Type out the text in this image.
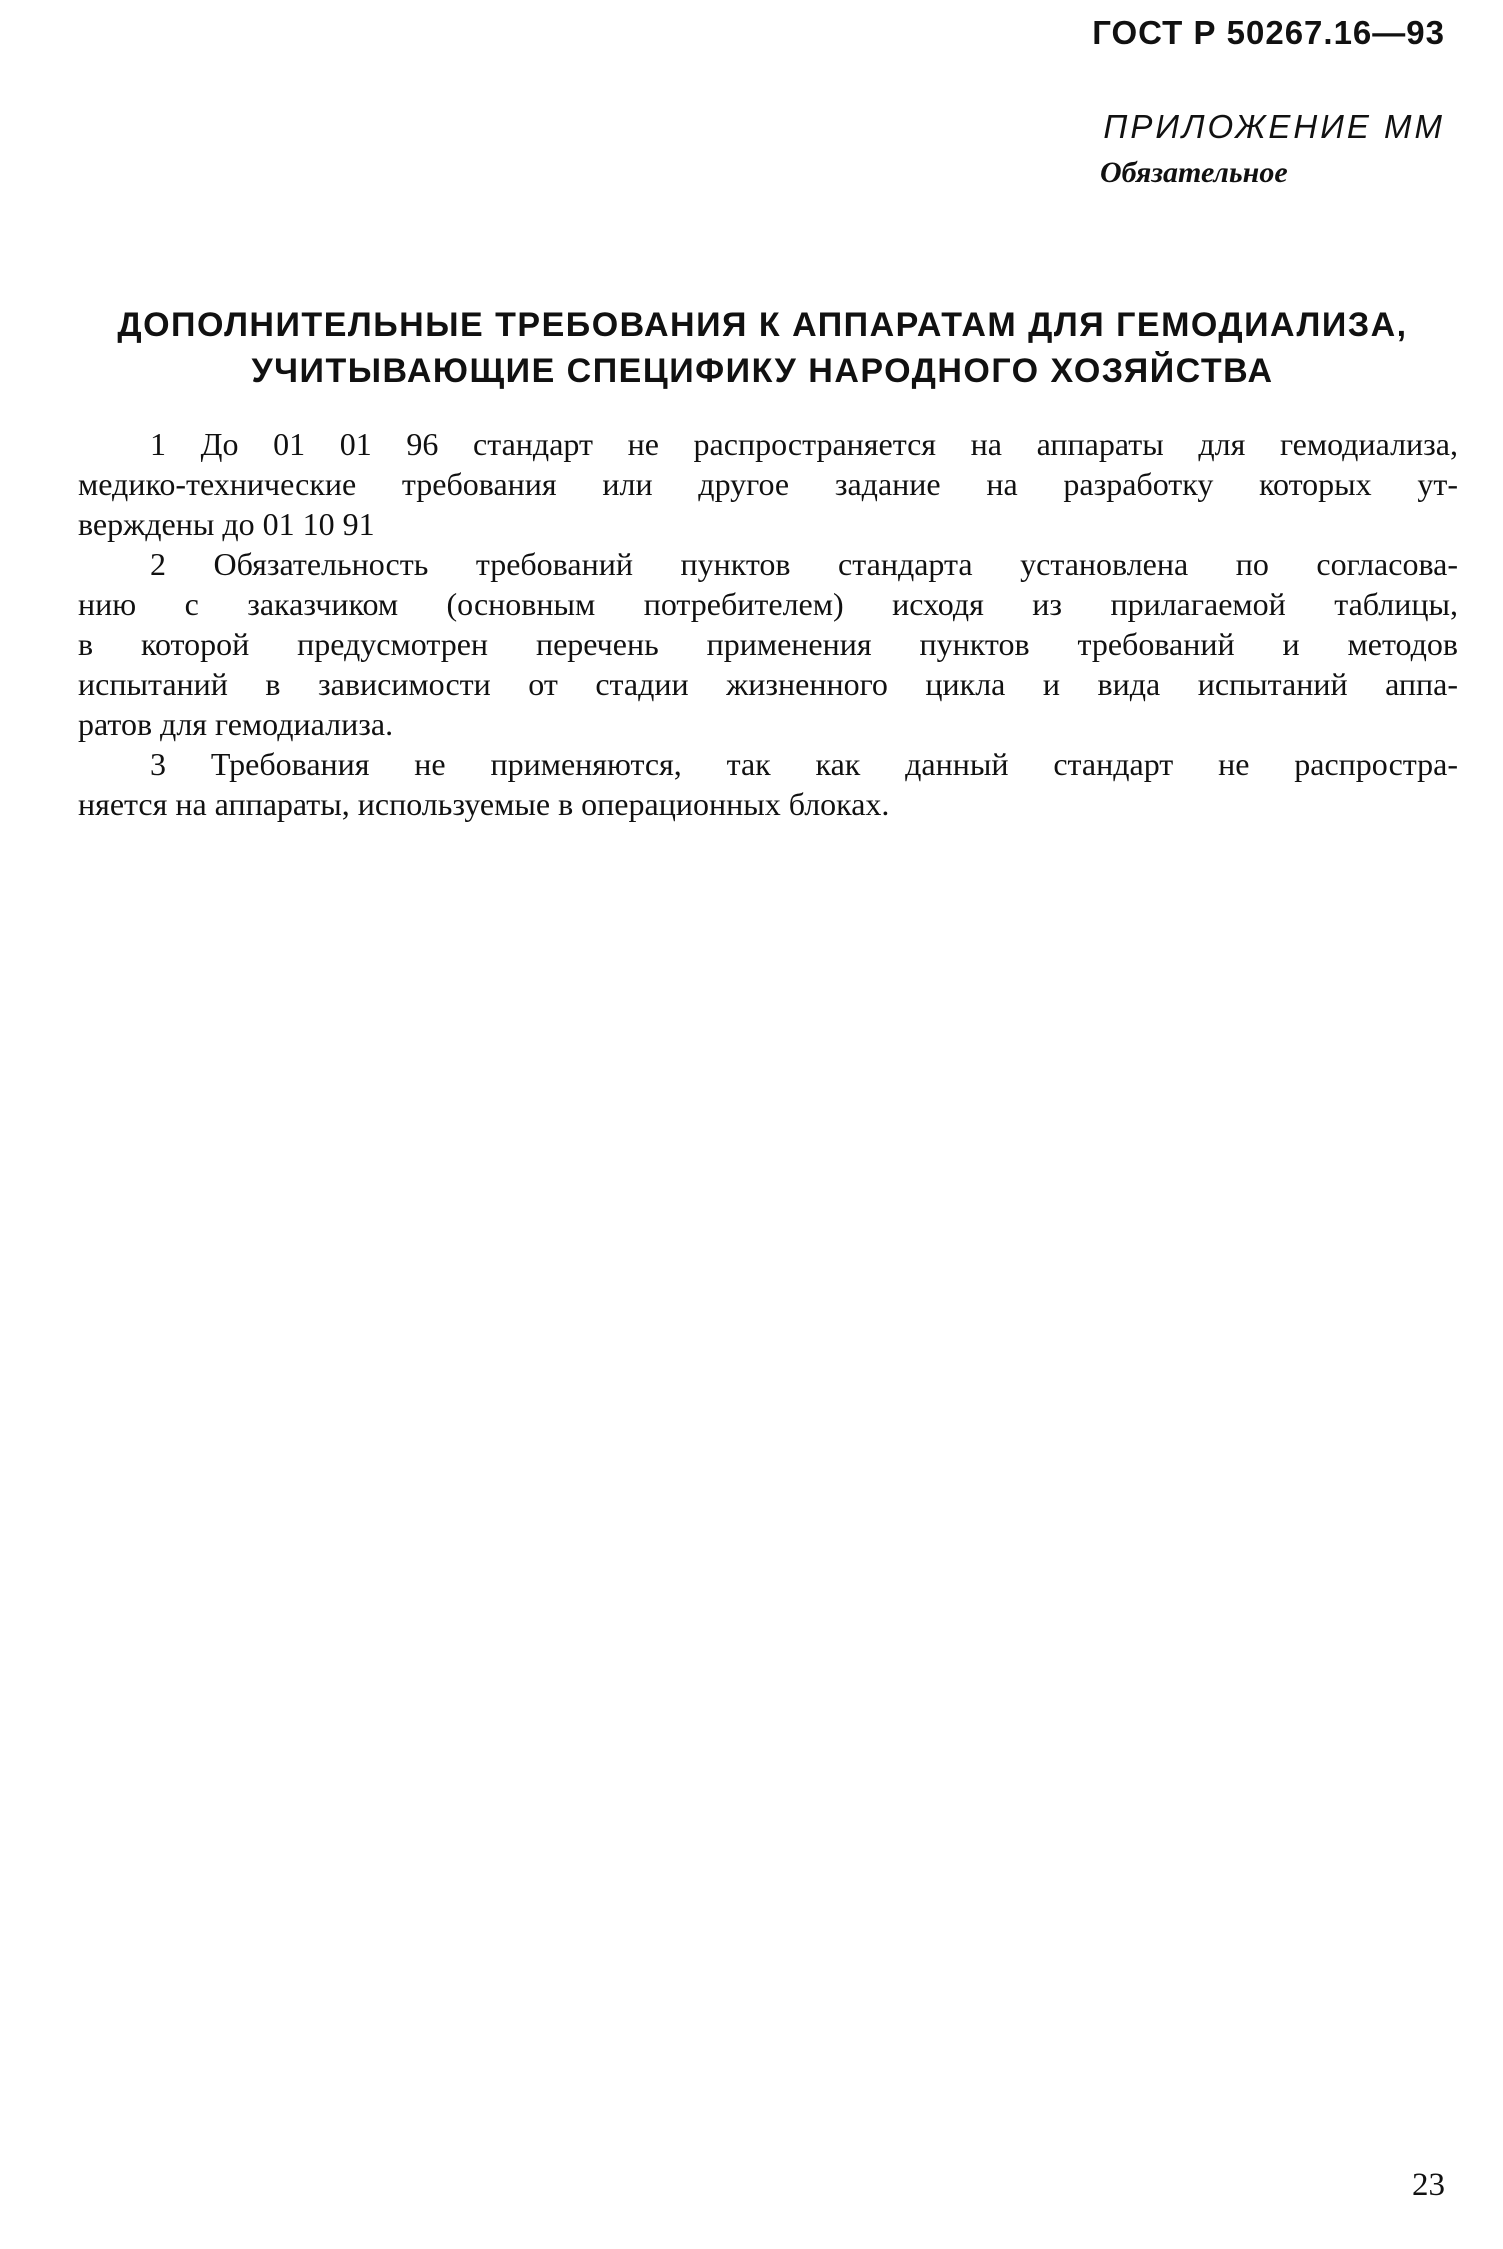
ГОСТ Р 50267.16—93
ПРИЛОЖЕНИЕ ММ
Обязательное
ДОПОЛНИТЕЛЬНЫЕ ТРЕБОВАНИЯ К АППАРАТАМ ДЛЯ ГЕМОДИАЛИЗА,
УЧИТЫВАЮЩИЕ СПЕЦИФИКУ НАРОДНОГО ХОЗЯЙСТВА

1 До 01 01 96 стандарт не распространяется на аппараты для гемодиализа,
медико-технические требования или другое задание на разработку которых ут-
верждены до 01 10 91

2 Обязательность требований пунктов стандарта установлена по согласова-
нию с заказчиком (основным потребителем) исходя из прилагаемой таблицы,
в которой предусмотрен перечень применения пунктов требований и методов
испытаний в зависимости от стадии жизненного цикла и вида испытаний аппа-
ратов для гемодиализа.

3 Требования не применяются, так как данный стандарт не распростра-
няется на аппараты, используемые в операционных блоках.

23
